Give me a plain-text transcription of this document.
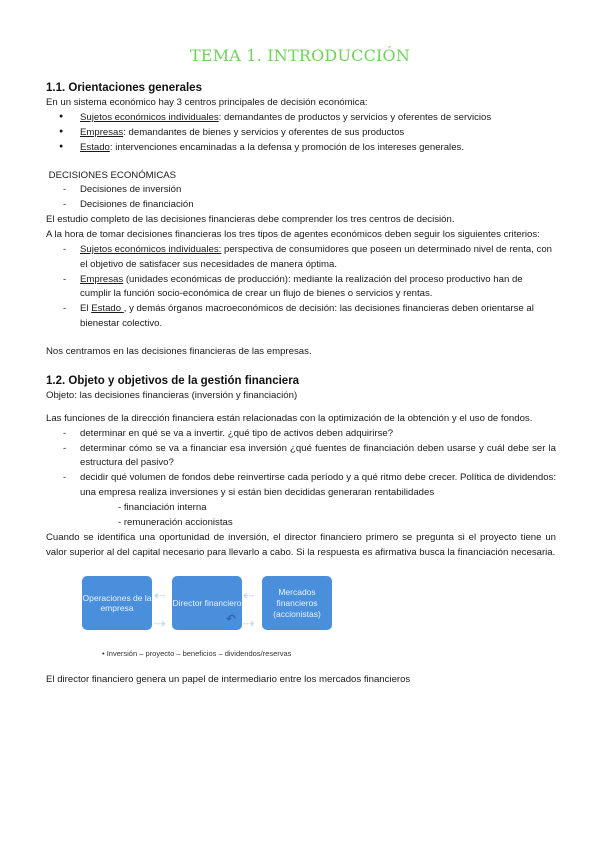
TEMA 1. INTRODUCCIÓN
1.1. Orientaciones generales

En un sistema económico hay 3 centros principales de decisión económica:

● Sujetos económicos individuales: demandantes de productos y servicios y oferentes de servicios
● Empresas: demandantes de bienes y servicios y oferentes de sus productos
● Estado: intervenciones encaminadas a la defensa y promoción de los intereses generales.

DECISIONES ECONÓMICAS

- Decisiones de inversión
- Decisiones de financiación

El estudio completo de las decisiones financieras debe comprender los tres centros de decisión.

A la hora de tomar decisiones financieras los tres tipos de agentes económicos deben seguir los siguientes criterios:

- Sujetos económicos individuales: perspectiva de consumidores que poseen un determinado nivel de renta, con el objetivo de satisfacer sus necesidades de manera óptima.
- Empresas (unidades económicas de producción): mediante la realización del proceso productivo han de cumplir la función socio-económica de crear un flujo de bienes o servicios y rentas.
- El Estado , y demás órganos macroeconómicos de decisión: las decisiones financieras deben orientarse al bienestar colectivo.

Nos centramos en las decisiones financieras de las empresas.

1.2. Objeto y objetivos de la gestión financiera

Objeto: las decisiones financieras (inversión y financiación)

Las funciones de la dirección financiera están relacionadas con la optimización de la obtención y el uso de fondos.

- determinar en qué se va a invertir. ¿qué tipo de activos deben adquirirse?
- determinar cómo se va a financiar esa inversión ¿qué fuentes de financiación deben usarse y cuál debe ser la estructura del pasivo?
- decidir qué volumen de fondos debe reinvertirse cada período y a qué ritmo debe crecer. Política de dividendos: una empresa realiza inversiones y si están bien decididas generaran rentabilidades

- financiación interna

- remuneración accionistas

Cuando se identifica una oportunidad de inversión, el director financiero primero se pregunta si el proyecto tiene un valor superior al del capital necesario para llevarlo a cabo. Si la respuesta es afirmativa busca la financiación necesaria.

Operaciones de la empresa
⇠
⇢
Director financiero ⇠
⇢
Mercados financieros (accionistas)
↶

• Inversión – proyecto – beneficios – dividendos/reservas

El director financiero genera un papel de intermediario entre los mercados financieros
